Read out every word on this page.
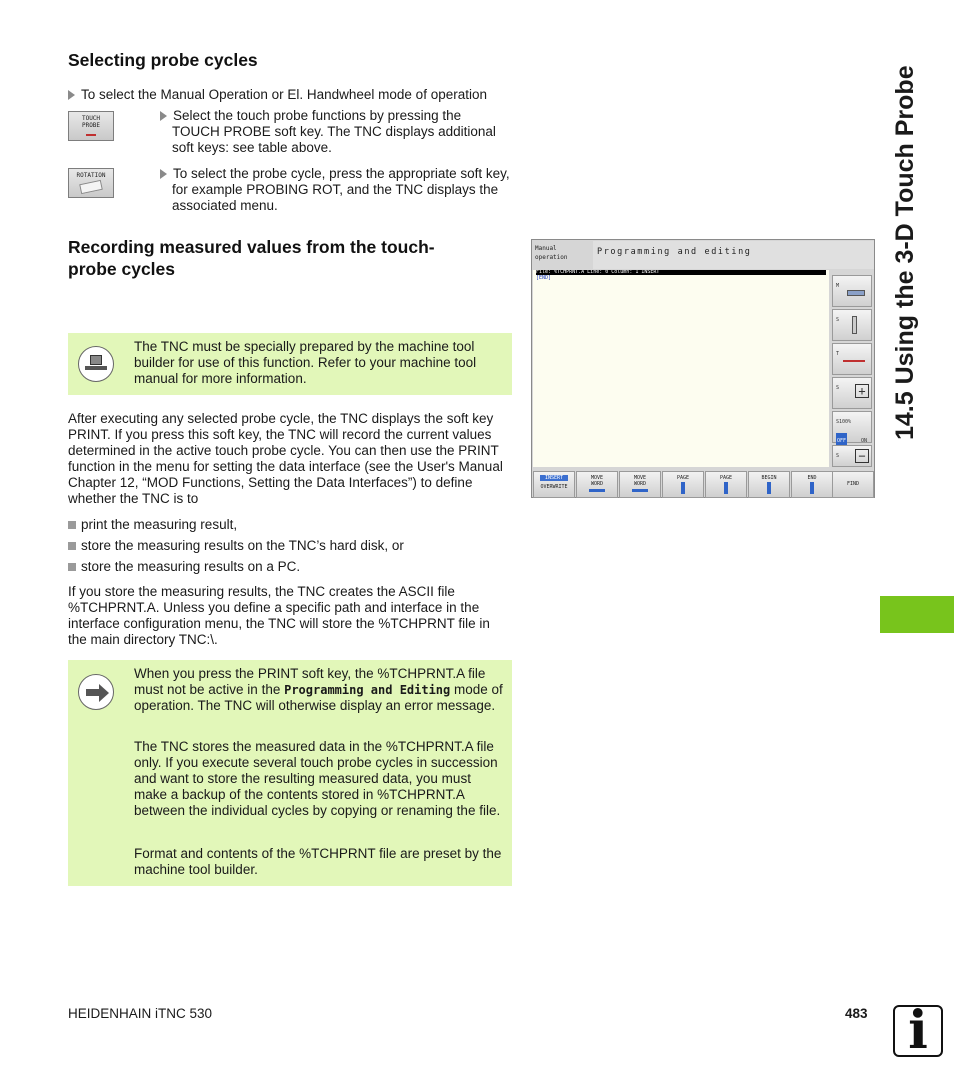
14.5 Using the 3-D Touch Probe
Selecting probe cycles
To select the Manual Operation or El. Handwheel mode of operation
TOUCH
PROBE
Select the touch probe functions by pressing the TOUCH PROBE soft key. The TNC displays additional soft keys: see table above.
ROTATION	To select the probe cycle, press the appropriate soft key, for example PROBING ROT, and the TNC displays the associated menu.
Recording measured values from the touch-
probe cycles

The TNC must be specially prepared by the machine tool builder for use of this function. Refer to your machine tool manual for more information.

After executing any selected probe cycle, the TNC displays the soft key PRINT. If you press this soft key, the TNC will record the current values determined in the active touch probe cycle. You can then use the PRINT function in the menu for setting the data interface (see the User's Manual Chapter 12, “MOD Functions, Setting the Data Interfaces”) to define whether the TNC is to
print the measuring result,
store the measuring results on the TNC’s hard disk, or
store the measuring results on a PC.
If you store the measuring results, the TNC creates the ASCII file %TCHPRNT.A. Unless you define a specific path and interface in the interface configuration menu, the TNC will store the %TCHPRNT file in the main directory TNC:\.

When you press the PRINT soft key, the %TCHPRNT.A file must not be active in the Programming and Editing mode of operation. The TNC will otherwise display an error message.

The TNC stores the measured data in the %TCHPRNT.A file only. If you execute several touch probe cycles in succession and want to store the resulting measured data, you must make a backup of the contents stored in %TCHPRNT.A between the individual cycles by copying or renaming the file.

Format and contents of the %TCHPRNT file are preset by the machine tool builder.

Manual
operation
Programming and editing
File: %TCHPRNT.A Line: 0 Column: 1 INSERT
[END]
M
S
T
S +
S100%
OFF	ON
S −
INSERT
OVERWRITE
MOVE
WORD
MOVE
WORD
PAGE	PAGE	BEGIN	END
FIND
HEIDENHAIN iTNC 530	483 i
